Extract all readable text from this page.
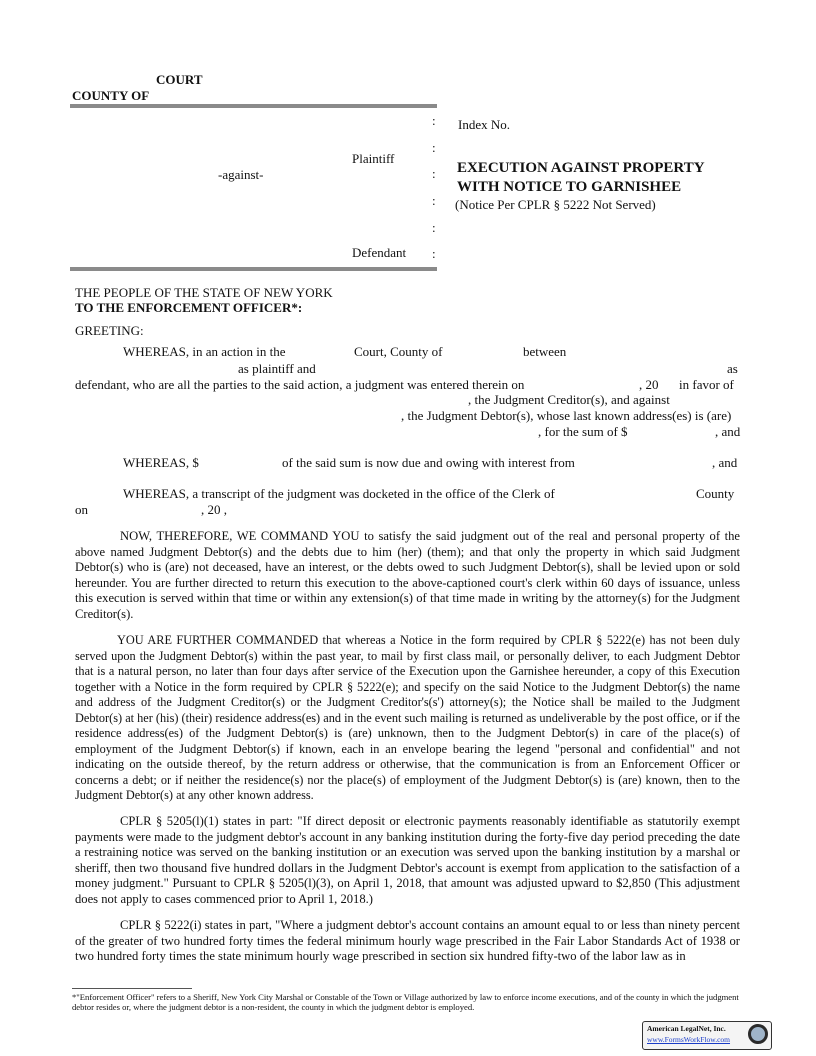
COURT
COUNTY OF
:
:
:
:
:
:
Plaintiff
-against-
Defendant
Index No.
EXECUTION AGAINST PROPERTY
WITH NOTICE TO GARNISHEE
(Notice Per CPLR § 5222 Not Served)
THE PEOPLE OF THE STATE OF NEW YORK
TO THE ENFORCEMENT OFFICER*:
GREETING:
WHEREAS, in an action in the	Court, County of	between
as plaintiff and	as
defendant, who are all the parties to the said action, a judgment was entered therein on	, 20 in favor of
, the Judgment Creditor(s), and against
, the Judgment Debtor(s), whose last known address(es) is (are)
, for the sum of $	, and
WHEREAS, $	of the said sum is now due and owing with interest from	, and
WHEREAS, a transcript of the judgment was docketed in the office of the Clerk of	County
on	, 20 ,

NOW, THEREFORE, WE COMMAND YOU to satisfy the said judgment out of the real and personal property of the above named Judgment Debtor(s) and the debts due to him (her) (them); and that only the property in which said Judgment Debtor(s) who is (are) not deceased, have an interest, or the debts owed to such Judgment Debtor(s), shall be levied upon or sold hereunder. You are further directed to return this execution to the above-captioned court's clerk within 60 days of issuance, unless this execution is served within that time or within any extension(s) of that time made in writing by the attorney(s) for the Judgment Creditor(s).

YOU ARE FURTHER COMMANDED that whereas a Notice in the form required by CPLR § 5222(e) has not been duly served upon the Judgment Debtor(s) within the past year, to mail by first class mail, or personally deliver, to each Judgment Debtor that is a natural person, no later than four days after service of the Execution upon the Garnishee hereunder, a copy of this Execution together with a Notice in the form required by CPLR § 5222(e); and specify on the said Notice to the Judgment Debtor(s) the name and address of the Judgment Creditor(s) or the Judgment Creditor's(s') attorney(s); the Notice shall be mailed to the Judgment Debtor(s) at her (his) (their) residence address(es) and in the event such mailing is returned as undeliverable by the post office, or if the residence address(es) of the Judgment Debtor(s) is (are) unknown, then to the Judgment Debtor(s) in care of the place(s) of employment of the Judgment Debtor(s) if known, each in an envelope bearing the legend "personal and confidential" and not indicating on the outside thereof, by the return address or otherwise, that the communication is from an Enforcement Officer or concerns a debt; or if neither the residence(s) nor the place(s) of employment of the Judgment Debtor(s) is (are) known, then to the Judgment Debtor(s) at any other known address.

CPLR § 5205(l)(1) states in part: "If direct deposit or electronic payments reasonably identifiable as statutorily exempt payments were made to the judgment debtor's account in any banking institution during the forty-five day period preceding the date a restraining notice was served on the banking institution or an execution was served upon the banking institution by a marshal or sheriff, then two thousand five hundred dollars in the Judgment Debtor's account is exempt from application to the satisfaction of a money judgment." Pursuant to CPLR § 5205(l)(3), on April 1, 2018, that amount was adjusted upward to $2,850 (This adjustment does not apply to cases commenced prior to April 1, 2018.)

CPLR § 5222(i) states in part, "Where a judgment debtor's account contains an amount equal to or less than ninety percent of the greater of two hundred forty times the federal minimum hourly wage prescribed in the Fair Labor Standards Act of 1938 or two hundred forty times the state minimum hourly wage prescribed in section six hundred fifty-two of the labor law as in

*"Enforcement Officer" refers to a Sheriff, New York City Marshal or Constable of the Town or Village authorized by law to enforce income executions, and of the county in which the judgment debtor resides or, where the judgment debtor is a non-resident, the county in which the judgment debtor is employed.

American LegalNet, Inc.
www.FormsWorkFlow.com
